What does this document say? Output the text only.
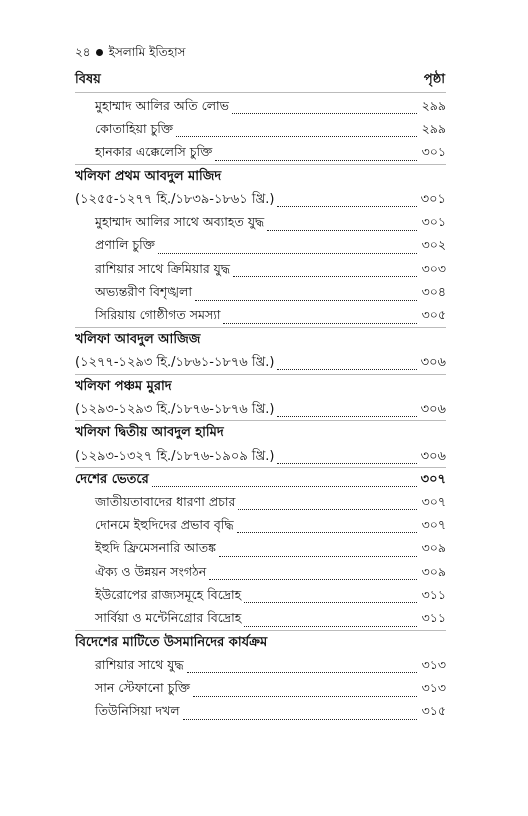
২৪ ইসলামি ইতিহাস
বিষয়	পৃষ্ঠা
মুহাম্মাদ আলির অতি লোভ	২৯৯
কোতাহিয়া চুক্তি	২৯৯
হানকার এক্কেলেসি চুক্তি	৩০১
খলিফা প্রথম আবদুল মাজিদ
(১২৫৫-১২৭৭ হি./১৮৩৯-১৮৬১ খ্রি.)	৩০১
মুহাম্মাদ আলির সাথে অব্যাহত যুদ্ধ	৩০১
প্রণালি চুক্তি	৩০২
রাশিয়ার সাথে ক্রিমিয়ার যুদ্ধ	৩০৩
অভ্যন্তরীণ বিশৃঙ্খলা	৩০৪
সিরিয়ায় গোষ্ঠীগত সমস্যা	৩০৫
খলিফা আবদুল আজিজ
(১২৭৭-১২৯৩ হি./১৮৬১-১৮৭৬ খ্রি.)	৩০৬
খলিফা পঞ্চম মুরাদ
(১২৯৩-১২৯৩ হি./১৮৭৬-১৮৭৬ খ্রি.)	৩০৬
খলিফা দ্বিতীয় আবদুল হামিদ
(১২৯৩-১৩২৭ হি./১৮৭৬-১৯০৯ খ্রি.)	৩০৬
দেশের ভেতরে	৩০৭
জাতীয়তাবাদের ধারণা প্রচার	৩০৭
দোনমে ইহুদিদের প্রভাব বৃদ্ধি	৩০৭
ইহুদি ফ্রিমেসনারি আতঙ্ক	৩০৯
ঐক্য ও উন্নয়ন সংগঠন	৩০৯
ইউরোপের রাজ্যসমূহে বিদ্রোহ	৩১১
সার্বিয়া ও মন্টেনিগ্রোর বিদ্রোহ	৩১১
বিদেশের মাটিতে উসমানিদের কার্যক্রম
রাশিয়ার সাথে যুদ্ধ	৩১৩
সান স্টেফানো চুক্তি	৩১৩
তিউনিসিয়া দখল	৩১৫
